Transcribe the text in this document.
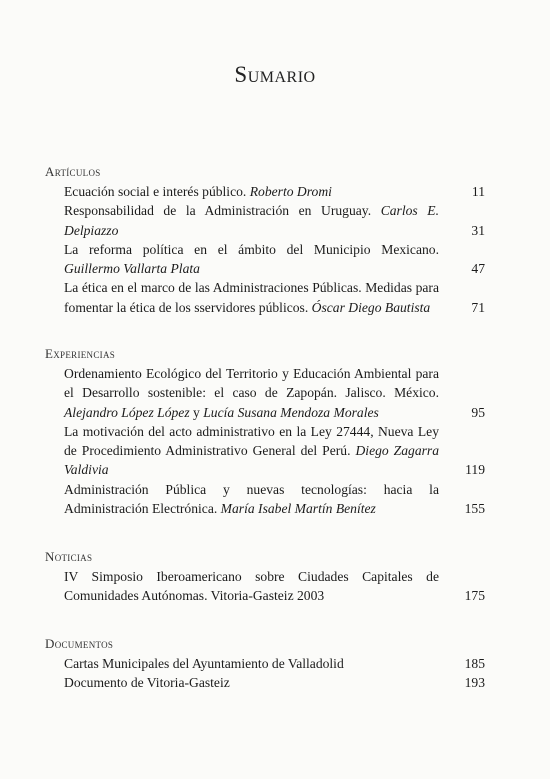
Sumario
Artículos
Ecuación social e interés público. Roberto Dromi	11
Responsabilidad de la Administración en Uruguay. Carlos E. Delpiazzo	31
La reforma política en el ámbito del Municipio Mexicano. Guillermo Vallarta Plata	47
La ética en el marco de las Administraciones Públicas. Medidas para fomentar la ética de los sservidores públicos. Óscar Diego Bautista	71
Experiencias
Ordenamiento Ecológico del Territorio y Educación Ambiental para el Desarrollo sostenible: el caso de Zapopán. Jalisco. México. Alejandro López López y Lucía Susana Mendoza Morales	95
La motivación del acto administrativo en la Ley 27444, Nueva Ley de Procedimiento Administrativo General del Perú. Diego Zagarra Valdivia	119
Administración Pública y nuevas tecnologías: hacia la Administración Electrónica. María Isabel Martín Benítez	155
Noticias
IV Simposio Iberoamericano sobre Ciudades Capitales de Comunidades Autónomas. Vitoria-Gasteiz 2003	175
Documentos
Cartas Municipales del Ayuntamiento de Valladolid	185
Documento de Vitoria-Gasteiz	193
